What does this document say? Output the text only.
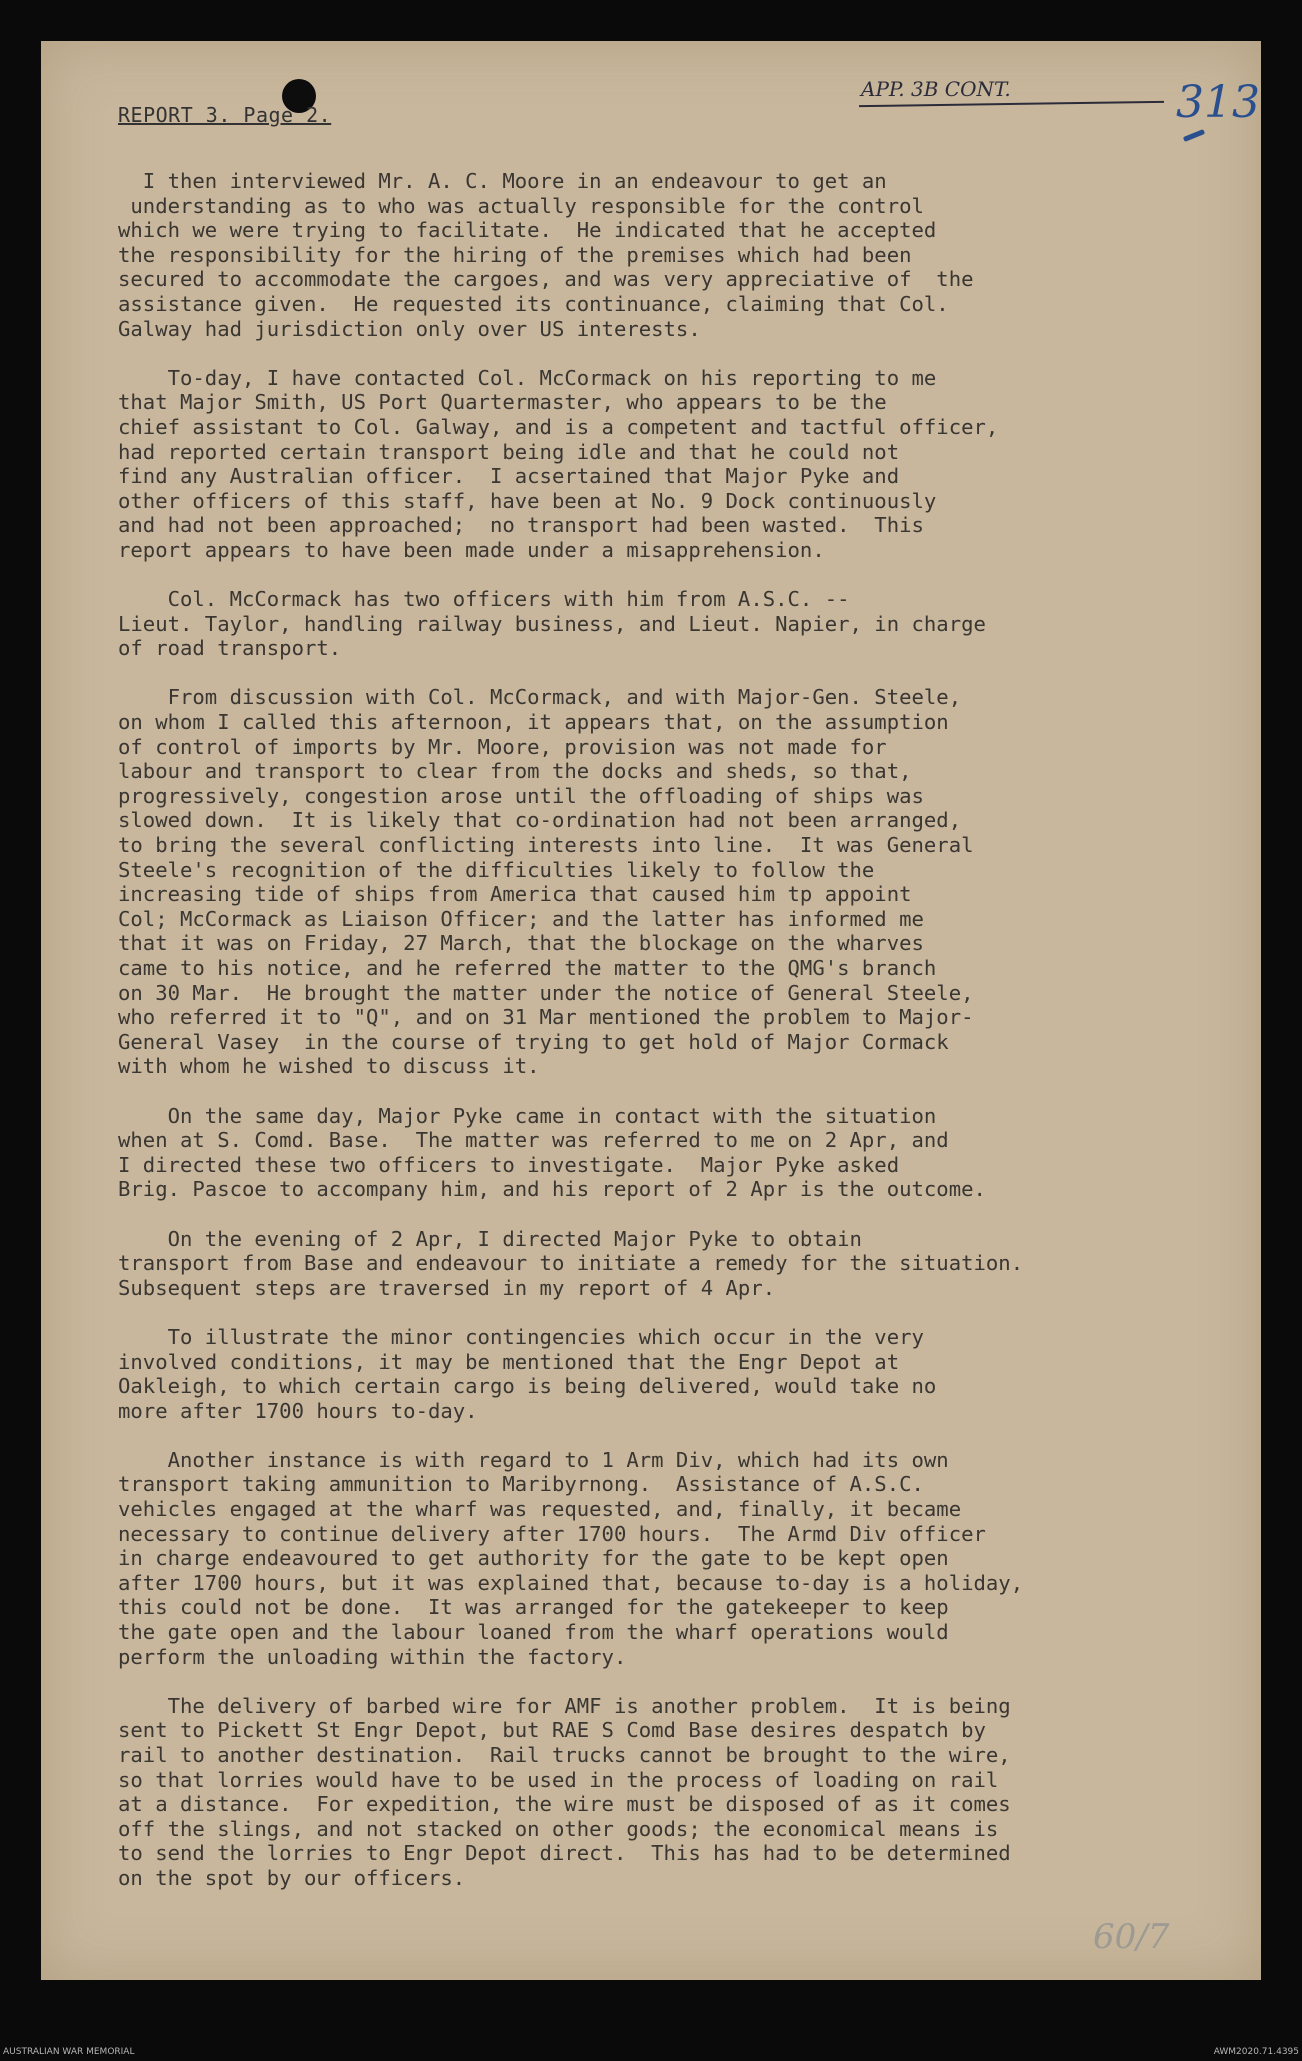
REPORT 3. Page 2.
APP. 3B CONT.	313

I then interviewed Mr. A. C. Moore in an endeavour to get an
understanding as to who was actually responsible for the control
which we were trying to facilitate.  He indicated that he accepted
the responsibility for the hiring of the premises which had been
secured to accommodate the cargoes, and was very appreciative of  the
assistance given.  He requested its continuance, claiming that Col.
Galway had jurisdiction only over US interests.

To-day, I have contacted Col. McCormack on his reporting to me
that Major Smith, US Port Quartermaster, who appears to be the
chief assistant to Col. Galway, and is a competent and tactful officer,
had reported certain transport being idle and that he could not
find any Australian officer.  I acsertained that Major Pyke and
other officers of this staff, have been at No. 9 Dock continuously
and had not been approached;  no transport had been wasted.  This
report appears to have been made under a misapprehension.

Col. McCormack has two officers with him from A.S.C. --
Lieut. Taylor, handling railway business, and Lieut. Napier, in charge
of road transport.

From discussion with Col. McCormack, and with Major-Gen. Steele,
on whom I called this afternoon, it appears that, on the assumption
of control of imports by Mr. Moore, provision was not made for
labour and transport to clear from the docks and sheds, so that,
progressively, congestion arose until the offloading of ships was
slowed down.  It is likely that co-ordination had not been arranged,
to bring the several conflicting interests into line.  It was General
Steele's recognition of the difficulties likely to follow the
increasing tide of ships from America that caused him tp appoint
Col; McCormack as Liaison Officer; and the latter has informed me
that it was on Friday, 27 March, that the blockage on the wharves
came to his notice, and he referred the matter to the QMG's branch
on 30 Mar.  He brought the matter under the notice of General Steele,
who referred it to "Q", and on 31 Mar mentioned the problem to Major-
General Vasey  in the course of trying to get hold of Major Cormack
with whom he wished to discuss it.

On the same day, Major Pyke came in contact with the situation
when at S. Comd. Base.  The matter was referred to me on 2 Apr, and
I directed these two officers to investigate.  Major Pyke asked
Brig. Pascoe to accompany him, and his report of 2 Apr is the outcome.

On the evening of 2 Apr, I directed Major Pyke to obtain
transport from Base and endeavour to initiate a remedy for the situation.
Subsequent steps are traversed in my report of 4 Apr.

To illustrate the minor contingencies which occur in the very
involved conditions, it may be mentioned that the Engr Depot at
Oakleigh, to which certain cargo is being delivered, would take no
more after 1700 hours to-day.

Another instance is with regard to 1 Arm Div, which had its own
transport taking ammunition to Maribyrnong.  Assistance of A.S.C.
vehicles engaged at the wharf was requested, and, finally, it became
necessary to continue delivery after 1700 hours.  The Armd Div officer
in charge endeavoured to get authority for the gate to be kept open
after 1700 hours, but it was explained that, because to-day is a holiday,
this could not be done.  It was arranged for the gatekeeper to keep
the gate open and the labour loaned from the wharf operations would
perform the unloading within the factory.

The delivery of barbed wire for AMF is another problem.  It is being
sent to Pickett St Engr Depot, but RAE S Comd Base desires despatch by
rail to another destination.  Rail trucks cannot be brought to the wire,
so that lorries would have to be used in the process of loading on rail
at a distance.  For expedition, the wire must be disposed of as it comes
off the slings, and not stacked on other goods; the economical means is
to send the lorries to Engr Depot direct.  This has had to be determined
on the spot by our officers.

60/7
AUSTRALIAN WAR MEMORIAL	AWM2020.71.4395
